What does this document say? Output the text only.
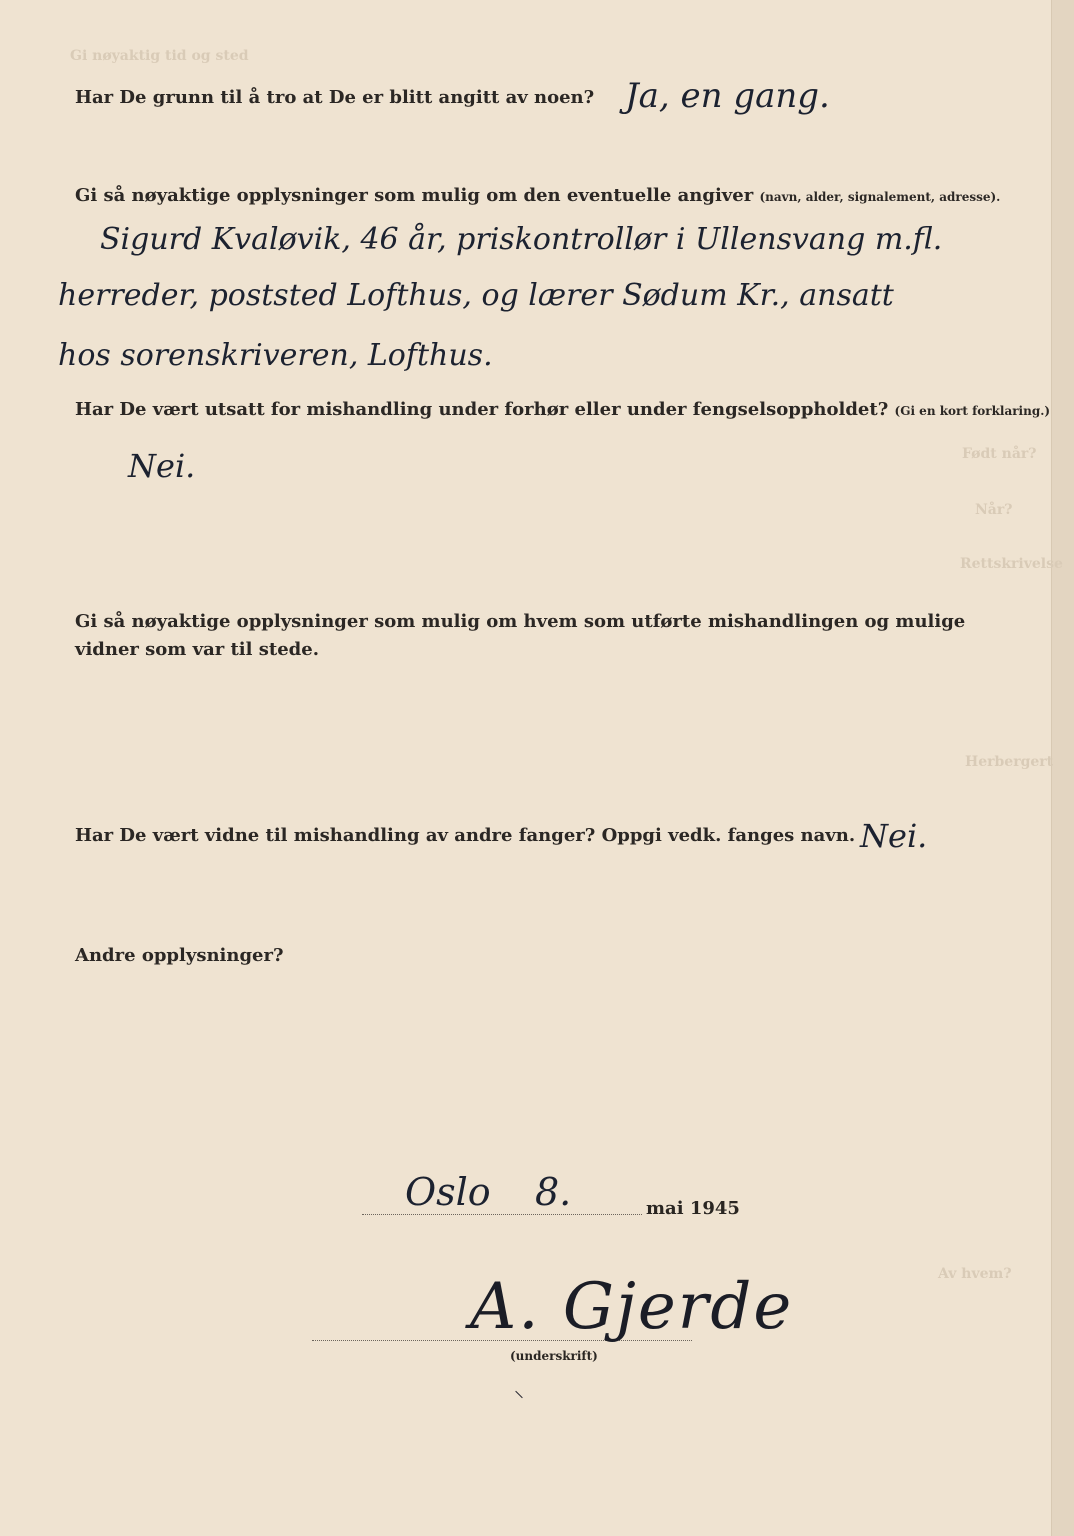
Gi nøyaktig tid og sted
Født når?
Når?
Rettskrivelse
Herbergert
Av hvem?

Har De grunn til å tro at De er blitt angitt av noen? Ja, en gang.

Gi så nøyaktige opplysninger som mulig om den eventuelle angiver (navn, alder, signalement, adresse).

Sigurd Kvaløvik, 46 år, priskontrollør i Ullensvang m.fl.

herreder, poststed Lofthus, og lærer Sødum Kr., ansatt

hos sorenskriveren, Lofthus.

Har De vært utsatt for mishandling under forhør eller under fengselsoppholdet? (Gi en kort forklaring.)

Nei.

Gi så nøyaktige opplysninger som mulig om hvem som utførte mishandlingen og mulige vidner som var til stede.

Har De vært vidne til mishandling av andre fanger? Oppgi vedk. fanges navn. Nei.

Andre opplysninger?

Oslo 8.	mai 1945
A. Gjerde
(underskrift)
⸌
